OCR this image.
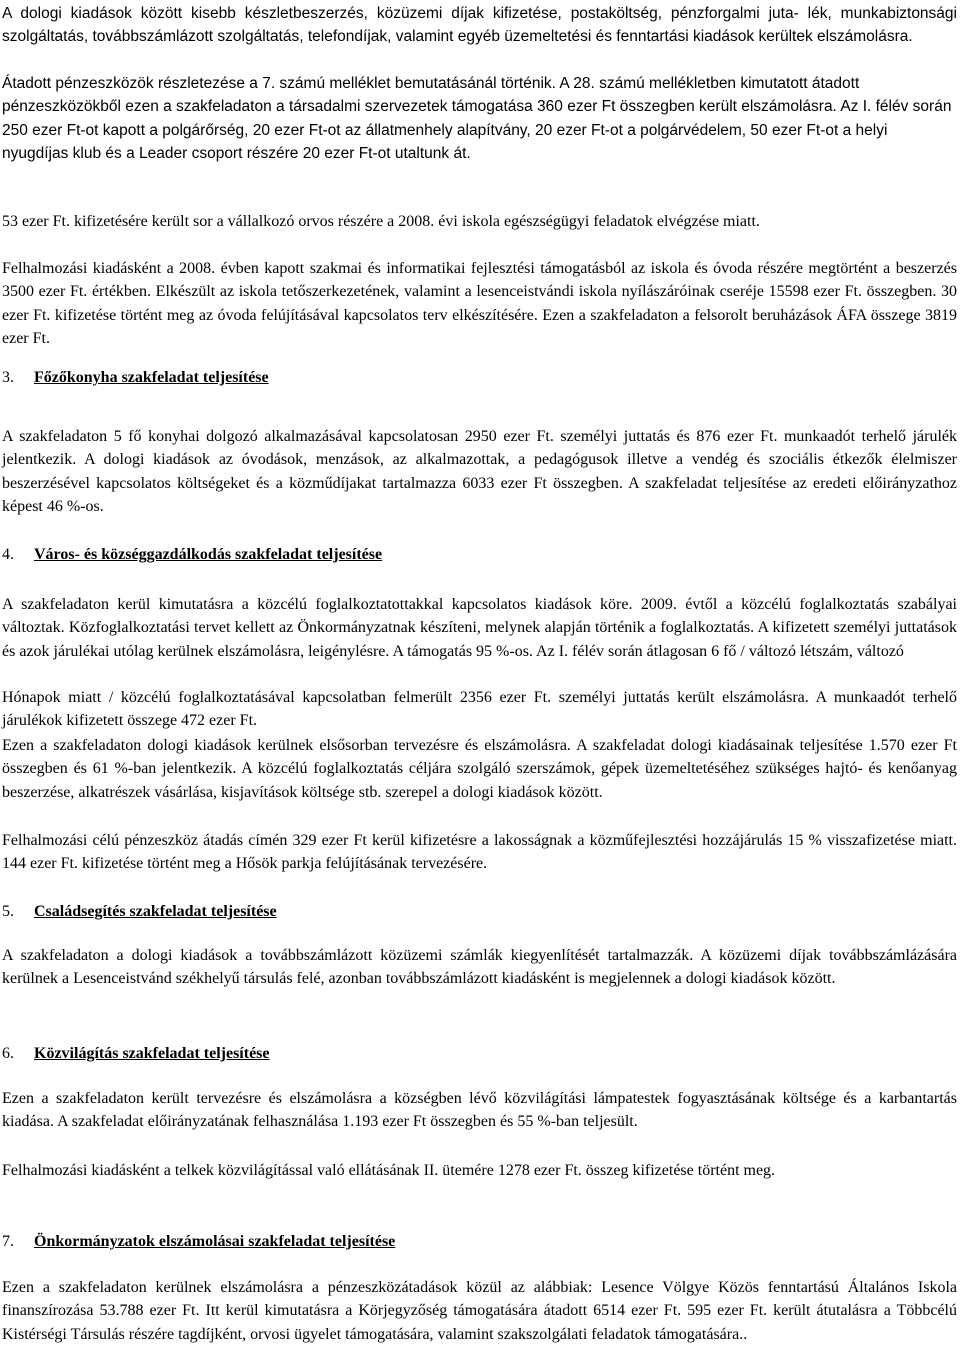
A dologi kiadások között kisebb készletbeszerzés, közüzemi díjak kifizetése, postaköltség, pénzforgalmi juta- lék, munkabiztonsági szolgáltatás, továbbszámlázott szolgáltatás, telefondíjak, valamint egyéb üzemeltetési és fenntartási kiadások kerültek elszámolásra.

Átadott pénzeszközök részletezése a 7. számú melléklet bemutatásánál történik. A 28. számú mellékletben kimutatott átadott pénzeszközökből ezen a szakfeladaton a társadalmi szervezetek támogatása 360 ezer Ft összegben került elszámolásra. Az I. félév során 250 ezer Ft-ot kapott a polgárőrség, 20 ezer Ft-ot az állatmenhely alapítvány, 20 ezer Ft-ot a polgárvédelem, 50 ezer Ft-ot a helyi nyugdíjas klub és a Leader csoport részére 20 ezer Ft-ot utaltunk át.

53 ezer Ft. kifizetésére került sor a vállalkozó orvos részére a 2008. évi iskola egészségügyi feladatok elvégzése miatt.

Felhalmozási kiadásként a 2008. évben kapott szakmai és informatikai fejlesztési támogatásból az iskola és óvoda részére megtörtént a beszerzés 3500 ezer Ft. értékben. Elkészült az iskola tetőszerkezetének, valamint a lesenceistvándi iskola nyílászáróinak cseréje 15598 ezer Ft. összegben. 30 ezer Ft. kifizetése történt meg az óvoda felújításával kapcsolatos terv elkészítésére. Ezen a szakfeladaton a felsorolt beruházások ÁFA összege 3819 ezer Ft.

3. Főzőkonyha szakfeladat teljesítése

A szakfeladaton 5 fő konyhai dolgozó alkalmazásával kapcsolatosan 2950 ezer Ft. személyi juttatás és 876 ezer Ft. munkaadót terhelő járulék jelentkezik. A dologi kiadások az óvodások, menzások, az alkalmazottak, a pedagógusok illetve a vendég és szociális étkezők élelmiszer beszerzésével kapcsolatos költségeket és a közműdíjakat tartalmazza 6033 ezer Ft összegben. A szakfeladat teljesítése az eredeti előirányzathoz képest 46 %-os.

4. Város- és községgazdálkodás szakfeladat teljesítése

A szakfeladaton kerül kimutatásra a közcélú foglalkoztatottakkal kapcsolatos kiadások köre. 2009. évtől a közcélú foglalkoztatás szabályai változtak. Közfoglalkoztatási tervet kellett az Önkormányzatnak készíteni, melynek alapján történik a foglalkoztatás. A kifizetett személyi juttatások és azok járulékai utólag kerülnek elszámolásra, leigénylésre. A támogatás 95 %-os. Az I. félév során átlagosan 6 fő / változó létszám, változó

Hónapok miatt / közcélú foglalkoztatásával kapcsolatban felmerült 2356 ezer Ft. személyi juttatás került elszámolásra. A munkaadót terhelő járulékok kifizetett összege 472 ezer Ft.

Ezen a szakfeladaton dologi kiadások kerülnek elsősorban tervezésre és elszámolásra. A szakfeladat dologi kiadásainak teljesítése 1.570 ezer Ft összegben és 61 %-ban jelentkezik. A közcélú foglalkoztatás céljára szolgáló szerszámok, gépek üzemeltetéséhez szükséges hajtó- és kenőanyag beszerzése, alkatrészek vásárlása, kisjavítások költsége stb. szerepel a dologi kiadások között.

Felhalmozási célú pénzeszköz átadás címén 329 ezer Ft kerül kifizetésre a lakosságnak a közműfejlesztési hozzájárulás 15 % visszafizetése miatt. 144 ezer Ft. kifizetése történt meg a Hősök parkja felújításának tervezésére.

5. Családsegítés szakfeladat teljesítése

A szakfeladaton a dologi kiadások a továbbszámlázott közüzemi számlák kiegyenlítését tartalmazzák. A közüzemi díjak továbbszámlázására kerülnek a Lesenceistvánd székhelyű társulás felé, azonban továbbszámlázott kiadásként is megjelennek a dologi kiadások között.

6. Közvilágítás szakfeladat teljesítése

Ezen a szakfeladaton került tervezésre és elszámolásra a községben lévő közvilágítási lámpatestek fogyasztásának költsége és a karbantartás kiadása. A szakfeladat előirányzatának felhasználása 1.193 ezer Ft összegben és 55 %-ban teljesült.

Felhalmozási kiadásként a telkek közvilágítással való ellátásának II. ütemére 1278 ezer Ft. összeg kifizetése történt meg.

7. Önkormányzatok elszámolásai szakfeladat teljesítése

Ezen a szakfeladaton kerülnek elszámolásra a pénzeszközátadások közül az alábbiak: Lesence Völgye Közös fenntartású Általános Iskola finanszírozása 53.788 ezer Ft. Itt kerül kimutatásra a Körjegyzőség támogatására átadott 6514 ezer Ft. 595 ezer Ft. került átutalásra a Többcélú Kistérségi Társulás részére tagdíjként, orvosi ügyelet támogatására, valamint szakszolgálati feladatok támogatására..
